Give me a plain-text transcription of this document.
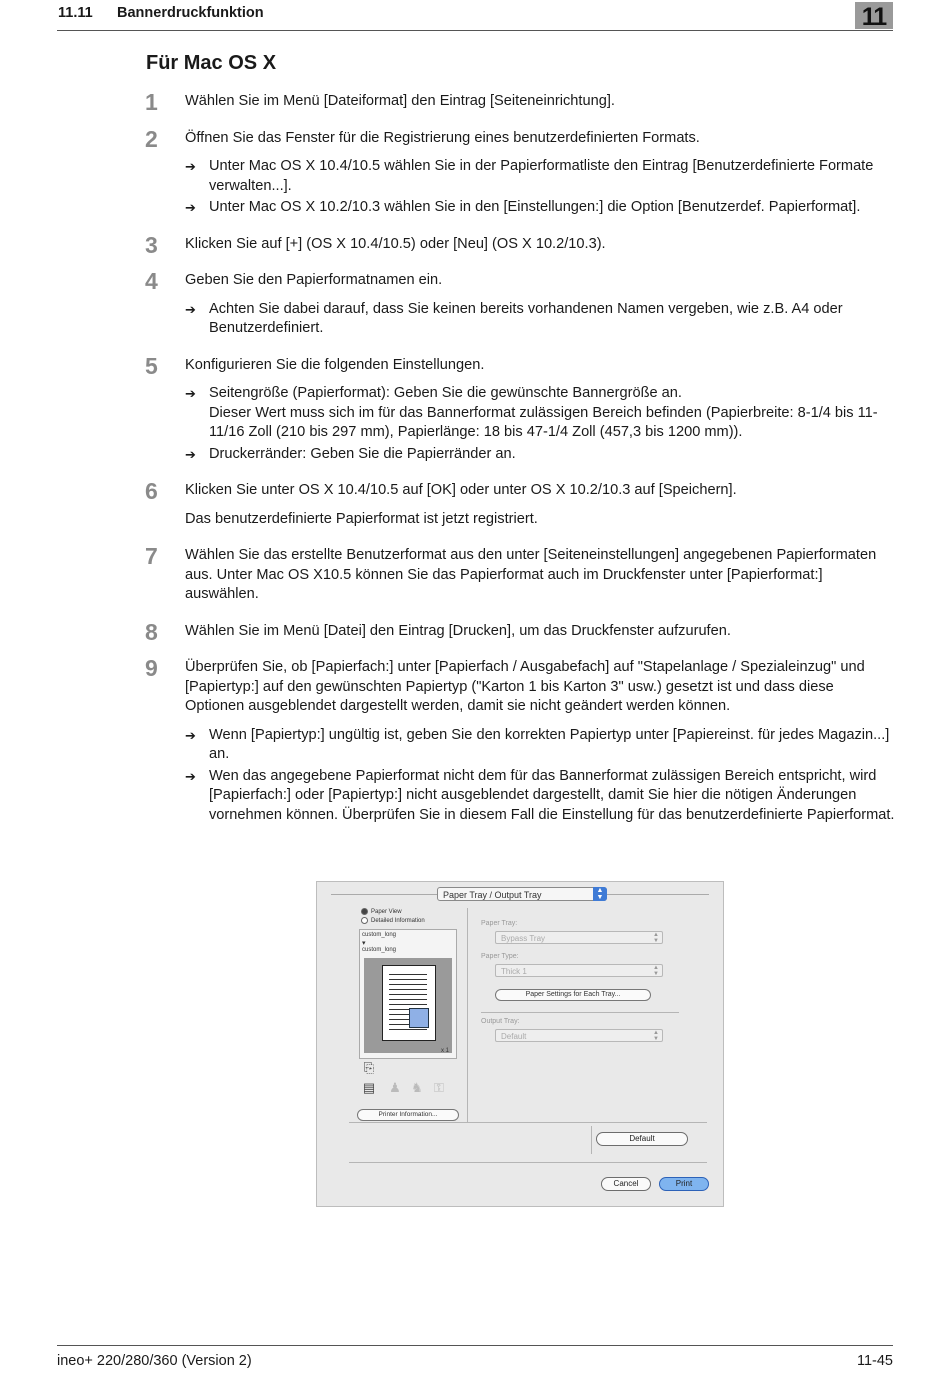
11.11 Bannerdruckfunktion	11
Für Mac OS X
1	Wählen Sie im Menü [Dateiformat] den Eintrag [Seiteneinrichtung].
2	Öffnen Sie das Fenster für die Registrierung eines benutzerdefinierten Formats.
➔ Unter Mac OS X 10.4/10.5 wählen Sie in der Papierformatliste den Eintrag [Benutzerdefinierte Formate verwalten...].
➔ Unter Mac OS X 10.2/10.3 wählen Sie in den [Einstellungen:] die Option [Benutzerdef. Papierformat].
3	Klicken Sie auf [+] (OS X 10.4/10.5) oder [Neu] (OS X 10.2/10.3).
4	Geben Sie den Papierformatnamen ein.
➔ Achten Sie dabei darauf, dass Sie keinen bereits vorhandenen Namen vergeben, wie z.B. A4 oder Benutzerdefiniert.
5	Konfigurieren Sie die folgenden Einstellungen.
➔ Seitengröße (Papierformat): Geben Sie die gewünschte Bannergröße an.
Dieser Wert muss sich im für das Bannerformat zulässigen Bereich befinden (Papierbreite: 8-1/4 bis 11-11/16 Zoll (210 bis 297 mm), Papierlänge: 18 bis 47-1/4 Zoll (457,3 bis 1200 mm)).
➔ Druckerränder: Geben Sie die Papierränder an.
6	Klicken Sie unter OS X 10.4/10.5 auf [OK] oder unter OS X 10.2/10.3 auf [Speichern].
Das benutzerdefinierte Papierformat ist jetzt registriert.
7	Wählen Sie das erstellte Benutzerformat aus den unter [Seiteneinstellungen] angegebenen Papierformaten aus. Unter Mac OS X10.5 können Sie das Papierformat auch im Druckfenster unter [Papierformat:] auswählen.
8	Wählen Sie im Menü [Datei] den Eintrag [Drucken], um das Druckfenster aufzurufen.
9	Überprüfen Sie, ob [Papierfach:] unter [Papierfach / Ausgabefach] auf "Stapelanlage / Spezialeinzug" und [Papiertyp:] auf den gewünschten Papiertyp ("Karton 1 bis Karton 3" usw.) gesetzt ist und dass diese Optionen ausgeblendet dargestellt werden, damit sie nicht geändert werden können.
➔ Wenn [Papiertyp:] ungültig ist, geben Sie den korrekten Papiertyp unter [Papiereinst. für jedes Magazin...] an.
➔ Wen das angegebene Papierformat nicht dem für das Bannerformat zulässigen Bereich entspricht, wird [Papierfach:] oder [Papiertyp:] nicht ausgeblendet dargestellt, damit Sie hier die nötigen Änderungen vornehmen können. Überprüfen Sie in diesem Fall die Einstellung für das benutzerdefinierte Papierformat.
Paper Tray / Output Tray	▲
▼
Paper View
Detailed Information
custom_long
▾
custom_long
x 1
⎘
▤ ♟ ♞ ⚿
Printer Information...
Paper Tray:
Bypass Tray	▲
▼
Paper Type:
Thick 1	▲
▼
Paper Settings for Each Tray...
Output Tray:
Default	▲
▼
Default
Cancel	Print
ineo+ 220/280/360 (Version 2)	11-45
